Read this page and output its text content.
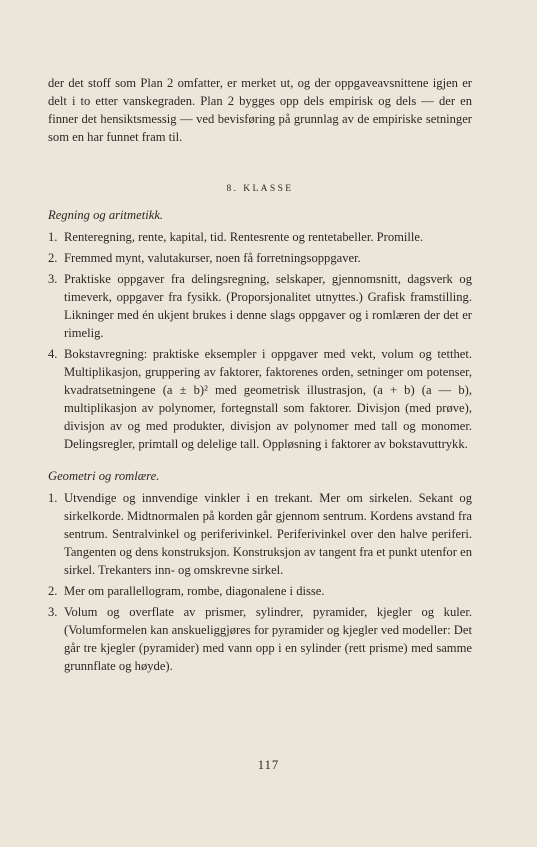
der det stoff som Plan 2 omfatter, er merket ut, og der oppgaveavsnittene igjen er delt i to etter vanskegraden. Plan 2 bygges opp dels empirisk og dels — der en finner det hensiktsmessig — ved bevisføring på grunnlag av de empiriske setninger som en har funnet fram til.

8. KLASSE
Regning og aritmetikk.
1. Renteregning, rente, kapital, tid. Rentesrente og rentetabeller. Promille.
2. Fremmed mynt, valutakurser, noen få forretningsoppgaver.
3. Praktiske oppgaver fra delingsregning, selskaper, gjennomsnitt, dagsverk og timeverk, oppgaver fra fysikk. (Proporsjonalitet utnyttes.) Grafisk framstilling. Likninger med én ukjent brukes i denne slags oppgaver og i romlæren der det er rimelig.
4. Bokstavregning: praktiske eksempler i oppgaver med vekt, volum og tetthet. Multiplikasjon, gruppering av faktorer, faktorenes orden, setninger om potenser, kvadratsetningene (a ± b)² med geometrisk illustrasjon, (a + b) (a — b), multiplikasjon av polynomer, fortegnstall som faktorer. Divisjon (med prøve), divisjon av og med produkter, divisjon av polynomer med tall og monomer. Delingsregler, primtall og delelige tall. Oppløsning i faktorer av bokstavuttrykk.
Geometri og romlære.
1. Utvendige og innvendige vinkler i en trekant. Mer om sirkelen. Sekant og sirkelkorde. Midtnormalen på korden går gjennom sentrum. Kordens avstand fra sentrum. Sentralvinkel og periferivinkel. Periferivinkel over den halve periferi. Tangenten og dens konstruksjon. Konstruksjon av tangent fra et punkt utenfor en sirkel. Trekanters inn- og omskrevne sirkel.
2. Mer om parallellogram, rombe, diagonalene i disse.
3. Volum og overflate av prismer, sylindrer, pyramider, kjegler og kuler. (Volumformelen kan anskueliggjøres for pyramider og kjegler ved modeller: Det går tre kjegler (pyramider) med vann opp i en sylinder (rett prisme) med samme grunnflate og høyde).
117
